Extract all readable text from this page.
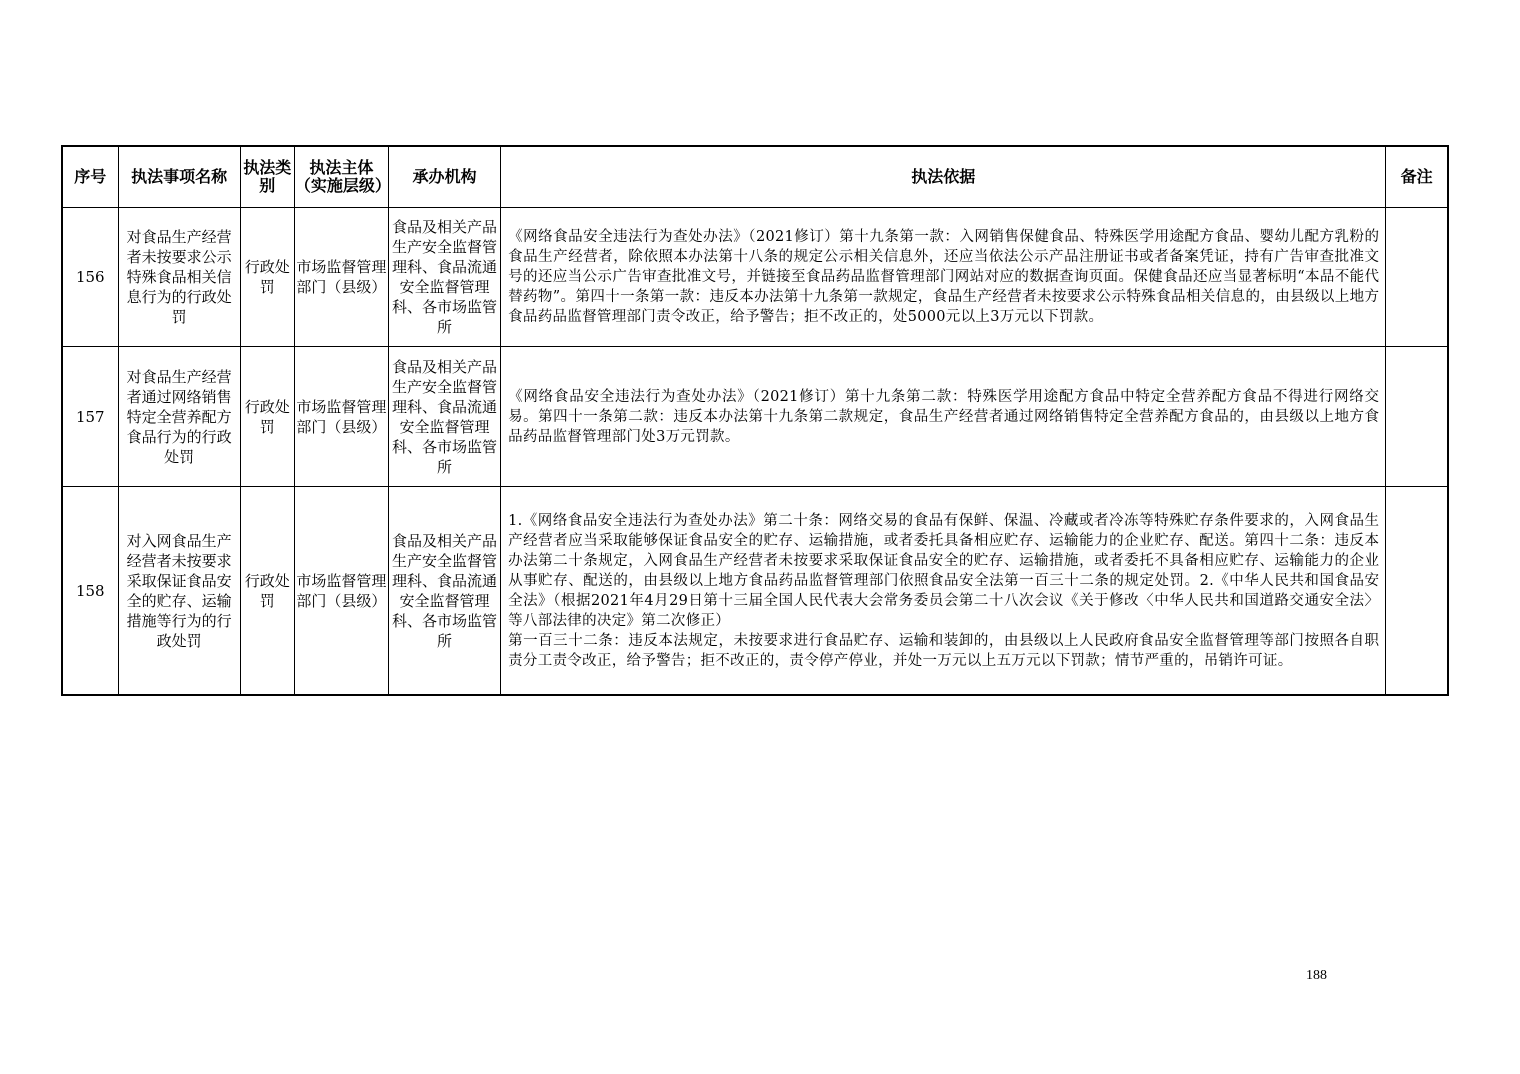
序号	执法事项名称	执法类别	执法主体（实施层级）	承办机构	执法依据	备注
156	对食品生产经营者未按要求公示特殊食品相关信息行为的行政处罚	行政处罚	市场监督管理部门（县级）	食品及相关产品生产安全监督管理科、食品流通安全监督管理科、各市场监管所	《网络食品安全违法行为查处办法》（2021修订）第十九条第一款：入网销售保健食品、特殊医学用途配方食品、婴幼儿配方乳粉的食品生产经营者，除依照本办法第十八条的规定公示相关信息外，还应当依法公示产品注册证书或者备案凭证，持有广告审查批准文号的还应当公示广告审查批准文号，并链接至食品药品监督管理部门网站对应的数据查询页面。保健食品还应当显著标明“本品不能代替药物”。第四十一条第一款：违反本办法第十九条第一款规定，食品生产经营者未按要求公示特殊食品相关信息的，由县级以上地方食品药品监督管理部门责令改正，给予警告；拒不改正的，处5000元以上3万元以下罚款。	
157	对食品生产经营者通过网络销售特定全营养配方食品行为的行政处罚	行政处罚	市场监督管理部门（县级）	食品及相关产品生产安全监督管理科、食品流通安全监督管理科、各市场监管所	《网络食品安全违法行为查处办法》（2021修订）第十九条第二款：特殊医学用途配方食品中特定全营养配方食品不得进行网络交易。第四十一条第二款：违反本办法第十九条第二款规定，食品生产经营者通过网络销售特定全营养配方食品的，由县级以上地方食品药品监督管理部门处3万元罚款。	
158	对入网食品生产经营者未按要求采取保证食品安全的贮存、运输措施等行为的行政处罚	行政处罚	市场监督管理部门（县级）	食品及相关产品生产安全监督管理科、食品流通安全监督管理科、各市场监管所	1.《网络食品安全违法行为查处办法》第二十条：网络交易的食品有保鲜、保温、冷藏或者冷冻等特殊贮存条件要求的，入网食品生产经营者应当采取能够保证食品安全的贮存、运输措施，或者委托具备相应贮存、运输能力的企业贮存、配送。第四十二条：违反本办法第二十条规定，入网食品生产经营者未按要求采取保证食品安全的贮存、运输措施，或者委托不具备相应贮存、运输能力的企业从事贮存、配送的，由县级以上地方食品药品监督管理部门依照食品安全法第一百三十二条的规定处罚。2.《中华人民共和国食品安全法》（根据2021年4月29日第十三届全国人民代表大会常务委员会第二十八次会议《关于修改〈中华人民共和国道路交通安全法〉等八部法律的决定》第二次修正）

第一百三十二条：违反本法规定，未按要求进行食品贮存、运输和装卸的，由县级以上人民政府食品安全监督管理等部门按照各自职责分工责令改正，给予警告；拒不改正的，责令停产停业，并处一万元以上五万元以下罚款；情节严重的，吊销许可证。	

188
